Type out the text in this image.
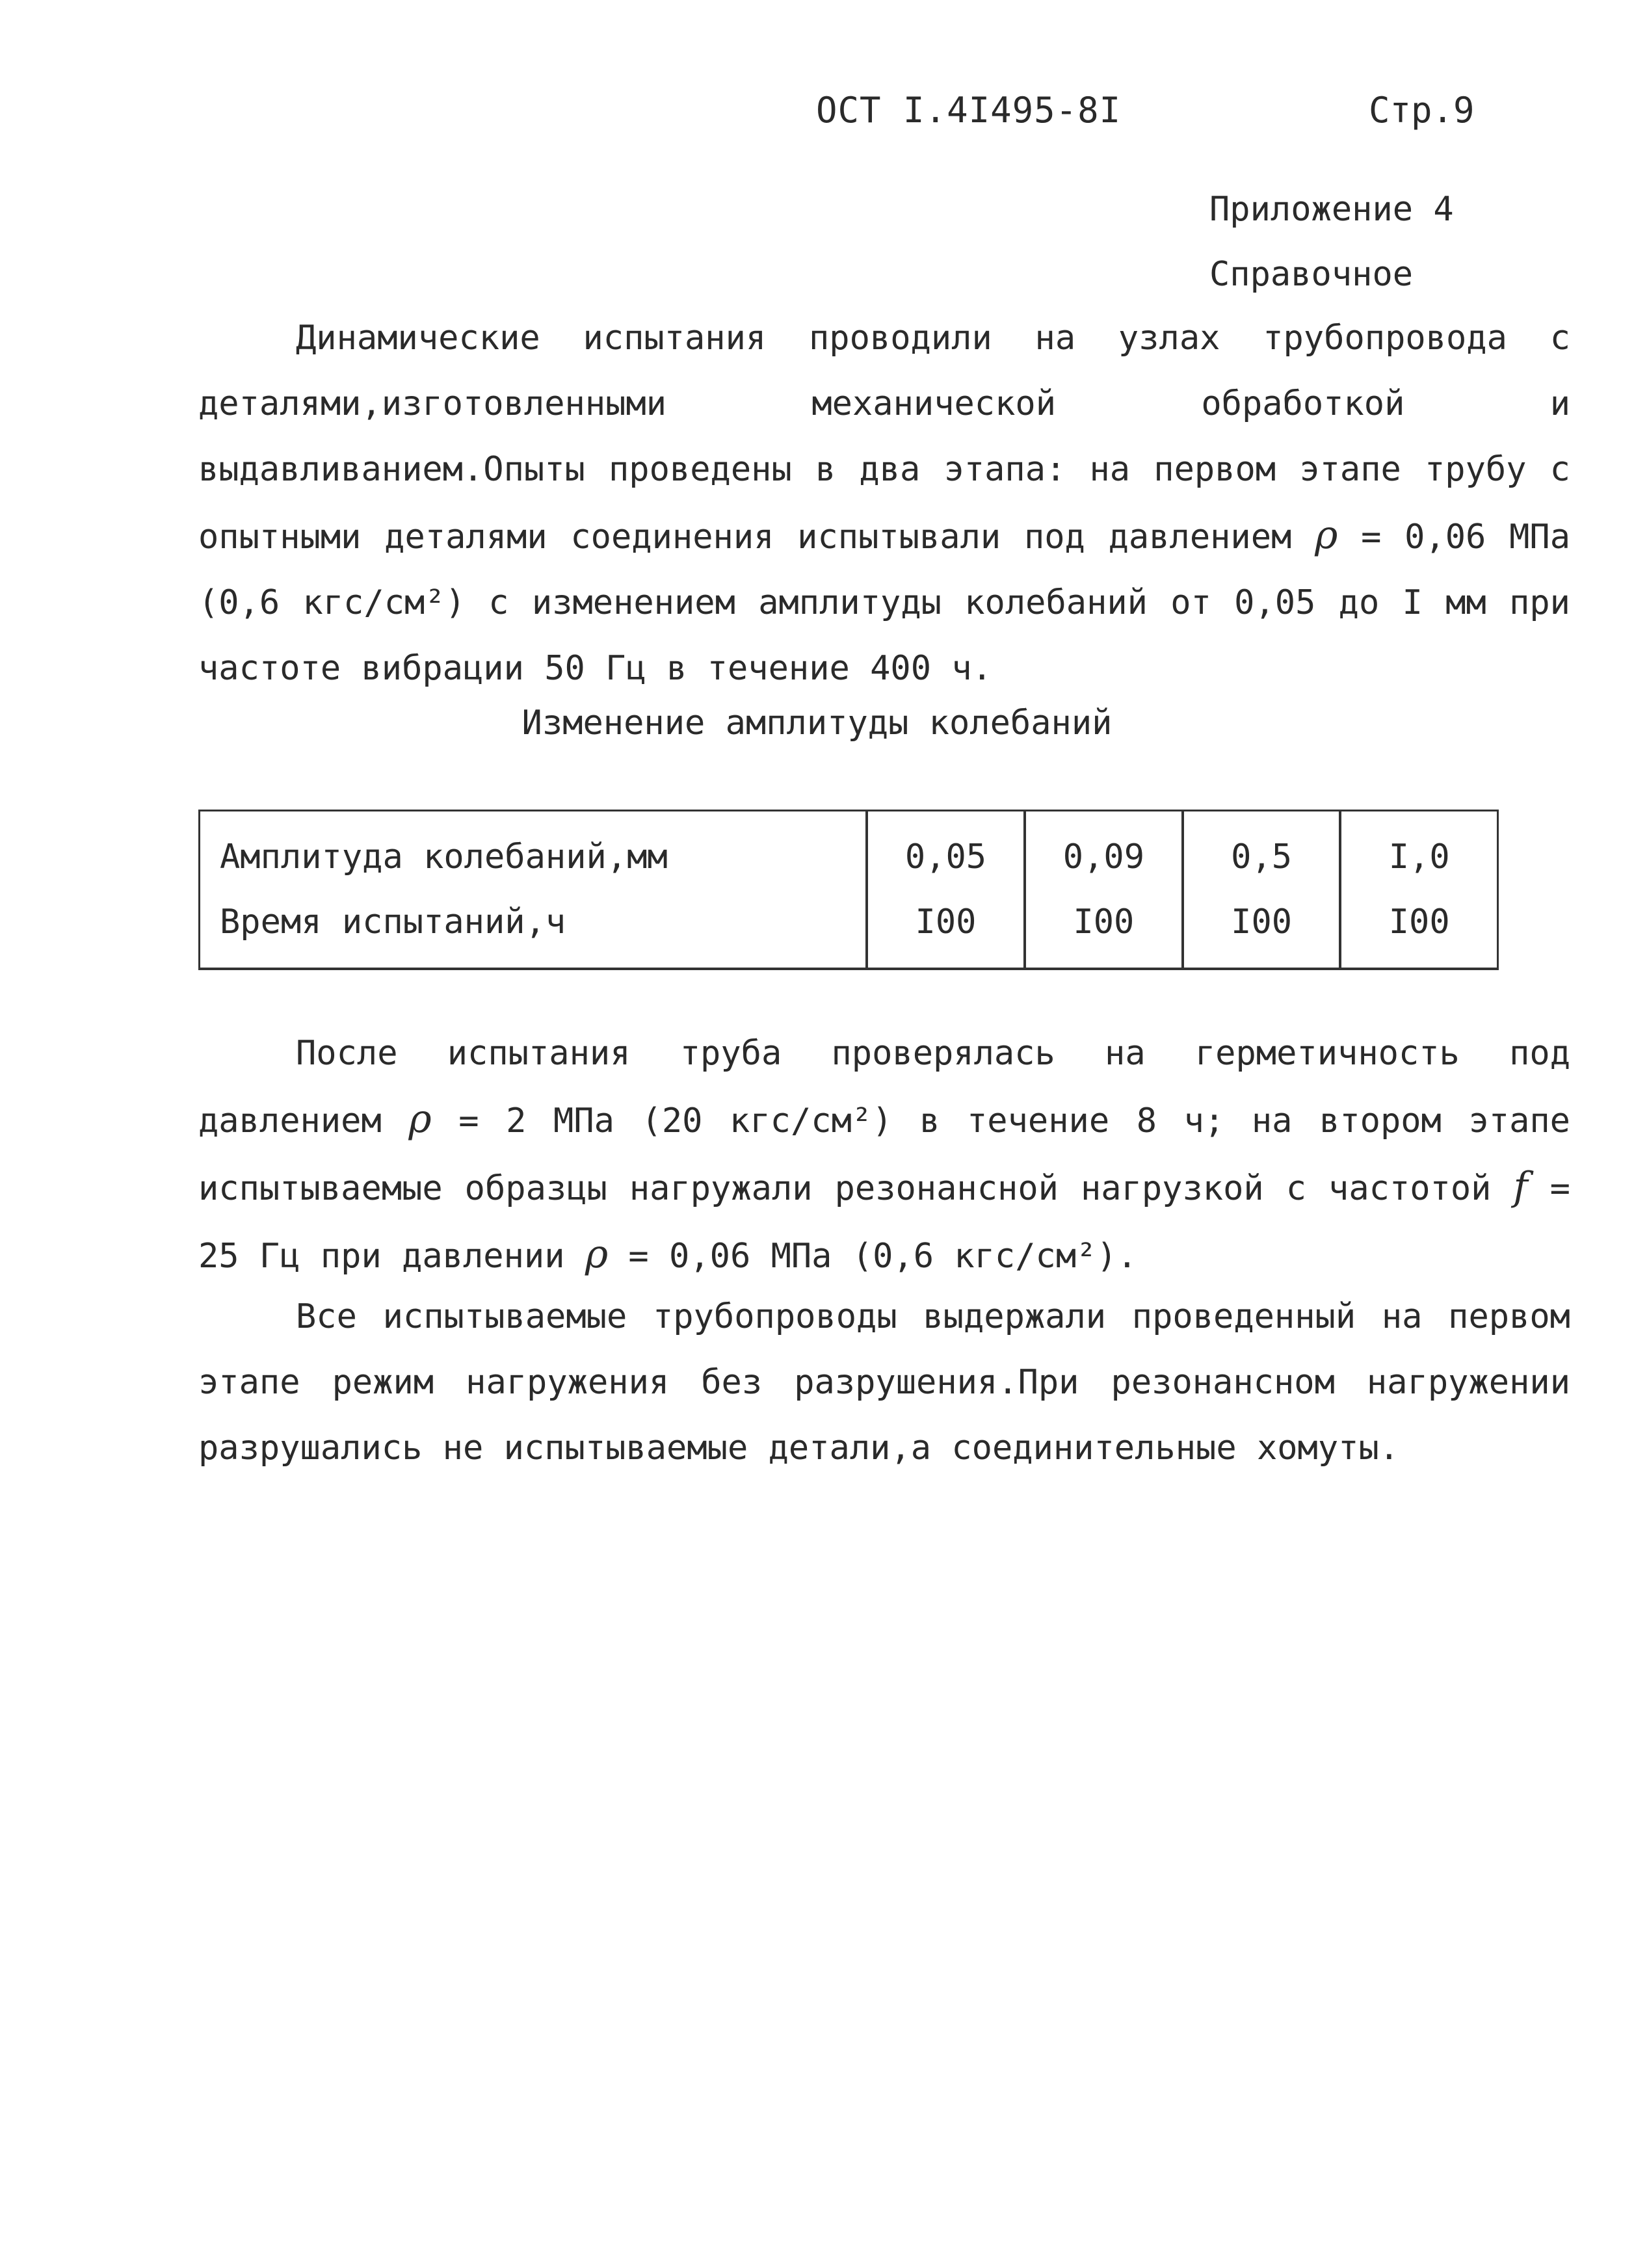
ОСТ I.4I495-8I	Стр.9
Приложение 4
Справочное

Динамические испытания проводили на узлах трубопровода с деталями,изготовленными механической обработкой и выдавливанием.Опыты проведены в два этапа: на первом этапе трубу с опытными деталями соединения испытывали под давлением ρ = 0,06 МПа (0,6 кгс/см²) с изменением амплитуды колебаний от 0,05 до I мм при частоте вибрации 50 Гц в течение 400 ч.

Изменение амплитуды колебаний
Амплитуда колебаний,мм	0,05	0,09	0,5	I,0
Время испытаний,ч	I00	I00	I00	I00

После испытания труба проверялась на герметичность под давлением ρ = 2 МПа (20 кгс/см²) в течение 8 ч; на втором этапе испытываемые образцы нагружали резонансной нагрузкой с частотой f = 25 Гц при давлении ρ = 0,06 МПа (0,6 кгс/см²).

Все испытываемые трубопроводы выдержали проведенный на первом этапе режим нагружения без разрушения.При резонансном нагружении разрушались не испытываемые детали,а соединительные хомуты.
